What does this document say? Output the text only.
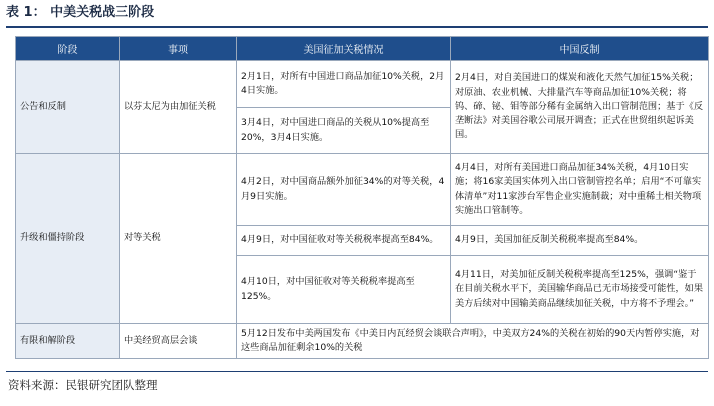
表 1： 中美关税战三阶段
阶段	事项	美国征加关税情况	中国反制
公告和反制	以芬太尼为由加征关税	2月1日，对所有中国进口商品加征10%关税，2月4日实施。	2月4日，对自美国进口的煤炭和液化天然气加征15%关税；对原油、农业机械、大排量汽车等商品加征10%关税；将钨、碲、铋、钼等部分稀有金属纳入出口管制范围；基于《反垄断法》对美国谷歌公司展开调查；正式在世贸组织起诉美国。
		3月4日，对中国进口商品的关税从10%提高至20%，3月4日实施。	
升级和僵持阶段	对等关税	4月2日，对中国商品额外加征34%的对等关税，4月9日实施。	4月4日，对所有美国进口商品加征34%关税，4月10日实施；将16家美国实体列入出口管制管控名单；启用“不可靠实体清单”对11家涉台军售企业实施制裁；对中重稀土相关物项实施出口管制等。
		4月9日，对中国征收对等关税税率提高至84%。	4月9日，美国加征反制关税税率提高至84%。
		4月10日，对中国征收对等关税税率提高至125%。	4月11日，对美加征反制关税税率提高至125%，强调“鉴于在目前关税水平下，美国输华商品已无市场接受可能性，如果美方后续对中国输美商品继续加征关税，中方将不予理会。”
有限和解阶段	中美经贸高层会谈	5月12日发布中美两国发布《中美日内瓦经贸会谈联合声明》，中美双方24%的关税在初始的90天内暂停实施，对这些商品加征剩余10%的关税	
资料来源：民银研究团队整理
